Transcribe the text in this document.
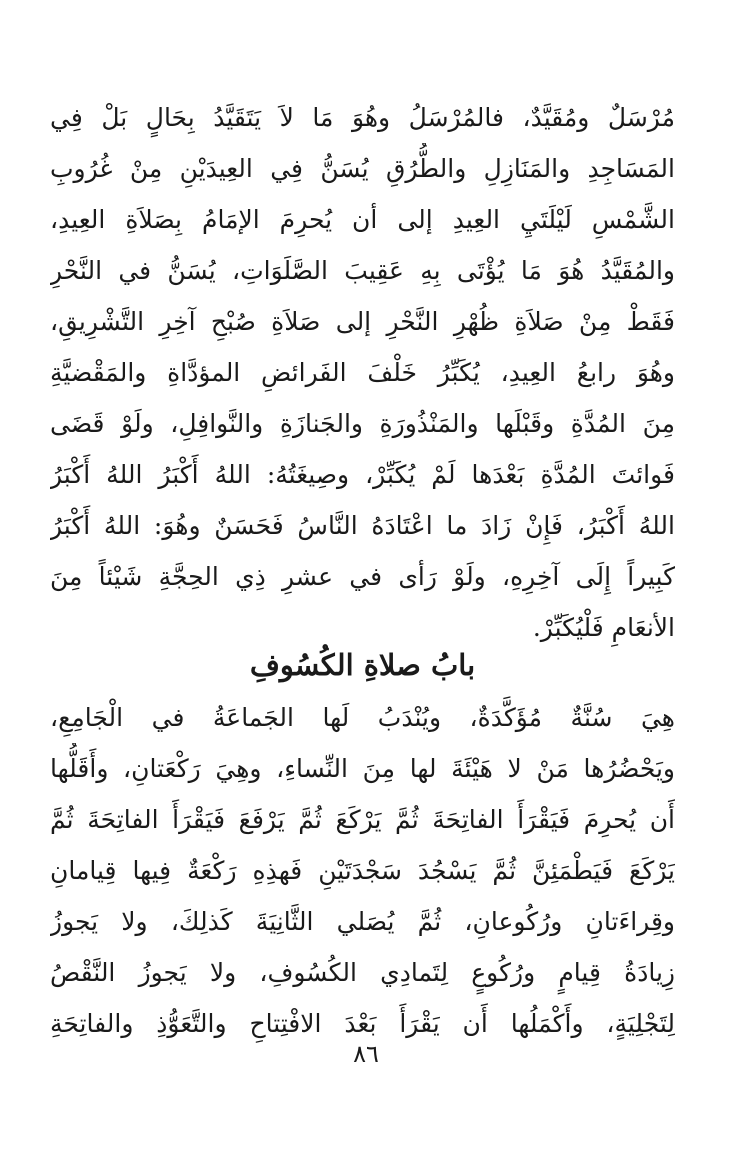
مُرْسَلٌ ومُقَيَّدٌ، فالمُرْسَلُ وهُوَ مَا لاَ يَتَقَيَّدُ بِحَالٍ بَلْ فِي
المَسَاجِدِ والمَنَازِلِ والطُّرُقِ يُسَنُّ فِي العِيدَيْنِ مِنْ غُرُوبِ
الشَّمْسِ لَيْلَتَيِ العِيدِ إلى أن يُحرِمَ الإمَامُ بِصَلاَةِ العِيدِ،
والمُقَيَّدُ هُوَ مَا يُؤْتَى بِهِ عَقِيبَ الصَّلَوَاتِ، يُسَنُّ في النَّحْرِ
فَقَطْ مِنْ صَلاَةِ ظُهْرِ النَّحْرِ إلى صَلاَةِ صُبْحِ آخِرِ التَّشْرِيقِ،
وهُوَ رابعُ العِيدِ، يُكَبِّرُ خَلْفَ الفَرائضِ المؤدَّاةِ والمَقْضيَّةِ
مِنَ المُدَّةِ وقَبْلَها والمَنْذُورَةِ والجَنازَةِ والنَّوافِلِ، ولَوْ قَضَى
فَوائتَ المُدَّةِ بَعْدَها لَمْ يُكَبِّرْ، وصِيغَتُهُ: اللهُ أَكْبَرُ اللهُ أَكْبَرُ
اللهُ أَكْبَرُ، فَإِنْ زَادَ ما اعْتَادَهُ النَّاسُ فَحَسَنٌ وهُوَ: اللهُ أَكْبَرُ
كَبِيراً إِلَى آخِرِهِ، ولَوْ رَأى في عشرِ ذِي الحِجَّةِ شَيْئاً مِنَ
الأنعَامِ فَلْيُكَبِّرْ.
بابُ صلاةِ الكُسُوفِ
هِيَ سُنَّةٌ مُؤَكَّدَةٌ، ويُنْدَبُ لَها الجَماعَةُ في الْجَامِعِ،
ويَحْضُرُها مَنْ لا هَيْئَةَ لها مِنَ النِّساءِ، وهِيَ رَكْعَتانِ، وأَقَلُّها
أَن يُحرِمَ فَيَقْرَأَ الفاتِحَةَ ثُمَّ يَرْكَعَ ثُمَّ يَرْفَعَ فَيَقْرَأَ الفاتِحَةَ ثُمَّ
يَرْكَعَ فَيَطْمَئِنَّ ثُمَّ يَسْجُدَ سَجْدَتَيْنِ فَهذِهِ رَكْعَةٌ فِيها قِيامانِ
وقِراءَتانِ ورُكُوعانِ، ثُمَّ يُصَلي الثَّانِيَةَ كَذلِكَ، ولا يَجوزُ
زِيادَةُ قِيامٍ ورُكُوعٍ لِتَمادِي الكُسُوفِ، ولا يَجوزُ النَّقْصُ
لِتَجْلِيَةٍ، وأَكْمَلُها أَن يَقْرَأَ بَعْدَ الافْتِتاحِ والتَّعَوُّذِ والفاتِحَةِ
٨٦
